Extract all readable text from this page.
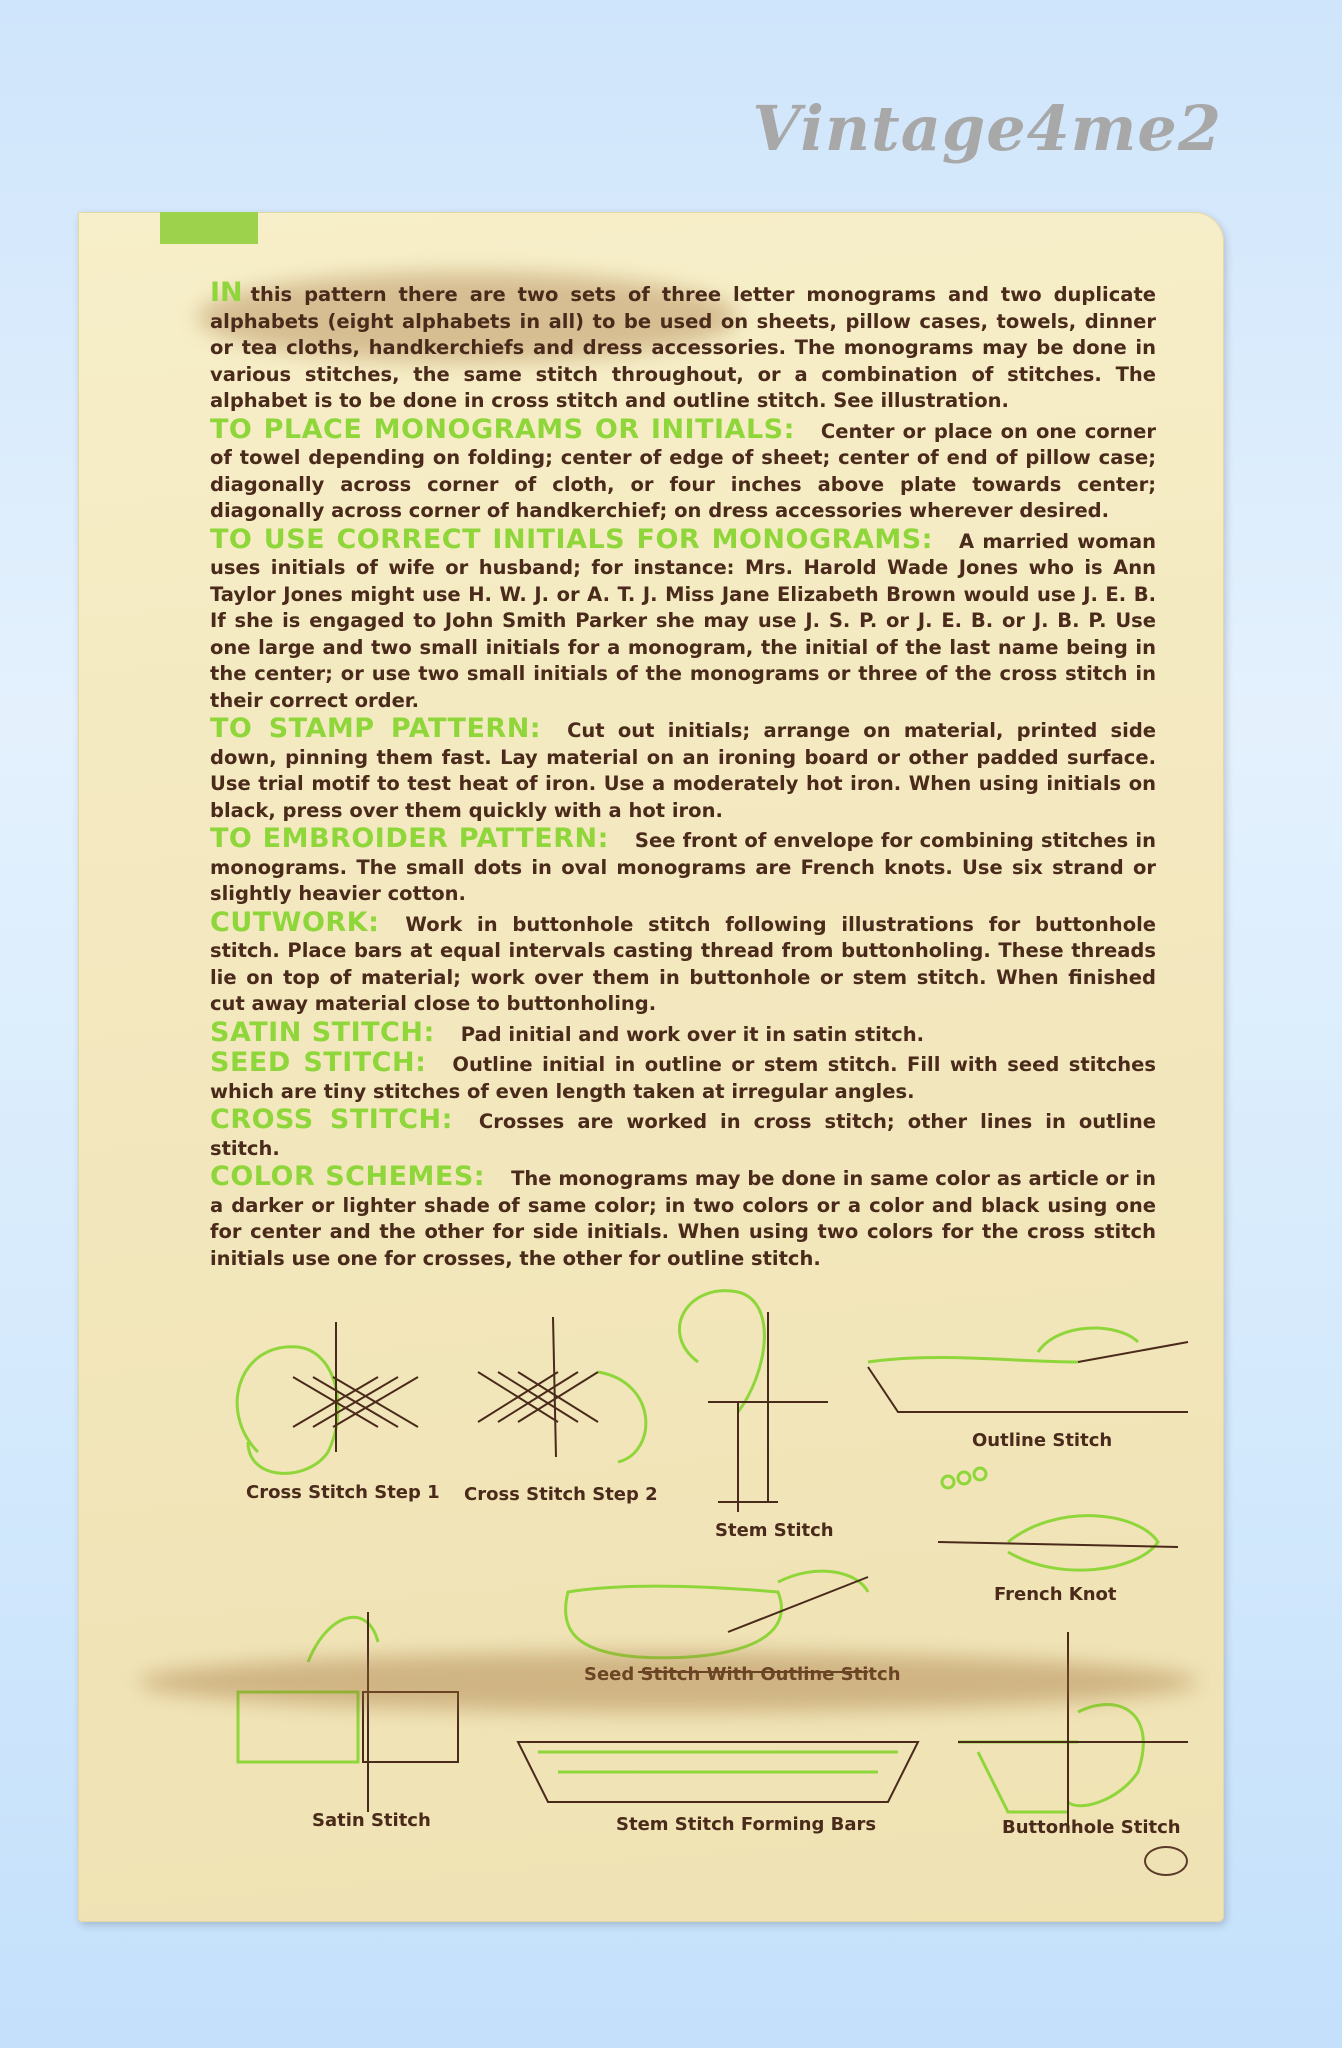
Vintage4me2

IN this pattern there are two sets of three letter monograms and two duplicate alphabets (eight alphabets in all) to be used on sheets, pillow cases, towels, dinner or tea cloths, handkerchiefs and dress accessories. The monograms may be done in various stitches, the same stitch throughout, or a combination of stitches. The alphabet is to be done in cross stitch and outline stitch. See illustration.

TO PLACE MONOGRAMS OR INITIALS: Center or place on one corner of towel depending on folding; center of edge of sheet; center of end of pillow case; diagonally across corner of cloth, or four inches above plate towards center; diagonally across corner of handkerchief; on dress accessories wherever desired.

TO USE CORRECT INITIALS FOR MONOGRAMS: A married woman uses initials of wife or husband; for instance: Mrs. Harold Wade Jones who is Ann Taylor Jones might use H. W. J. or A. T. J. Miss Jane Elizabeth Brown would use J. E. B. If she is engaged to John Smith Parker she may use J. S. P. or J. E. B. or J. B. P. Use one large and two small initials for a monogram, the initial of the last name being in the center; or use two small initials of the monograms or three of the cross stitch in their correct order.

TO STAMP PATTERN: Cut out initials; arrange on material, printed side down, pinning them fast. Lay material on an ironing board or other padded surface. Use trial motif to test heat of iron. Use a moderately hot iron. When using initials on black, press over them quickly with a hot iron.

TO EMBROIDER PATTERN: See front of envelope for combining stitches in monograms. The small dots in oval monograms are French knots. Use six strand or slightly heavier cotton.

CUTWORK: Work in buttonhole stitch following illustrations for buttonhole stitch. Place bars at equal intervals casting thread from buttonholing. These threads lie on top of material; work over them in buttonhole or stem stitch. When finished cut away material close to buttonholing.

SATIN STITCH: Pad initial and work over it in satin stitch.

SEED STITCH: Outline initial in outline or stem stitch. Fill with seed stitches which are tiny stitches of even length taken at irregular angles.

CROSS STITCH: Crosses are worked in cross stitch; other lines in outline stitch.

COLOR SCHEMES: The monograms may be done in same color as article or in a darker or lighter shade of same color; in two colors or a color and black using one for center and the other for side initials. When using two colors for the cross stitch initials use one for crosses, the other for outline stitch.

Cross Stitch Step 1 Cross Stitch Step 2
Stem Stitch
Outline Stitch
French Knot
Seed Stitch With Outline Stitch
Satin Stitch	Stem Stitch Forming Bars	Buttonhole Stitch
